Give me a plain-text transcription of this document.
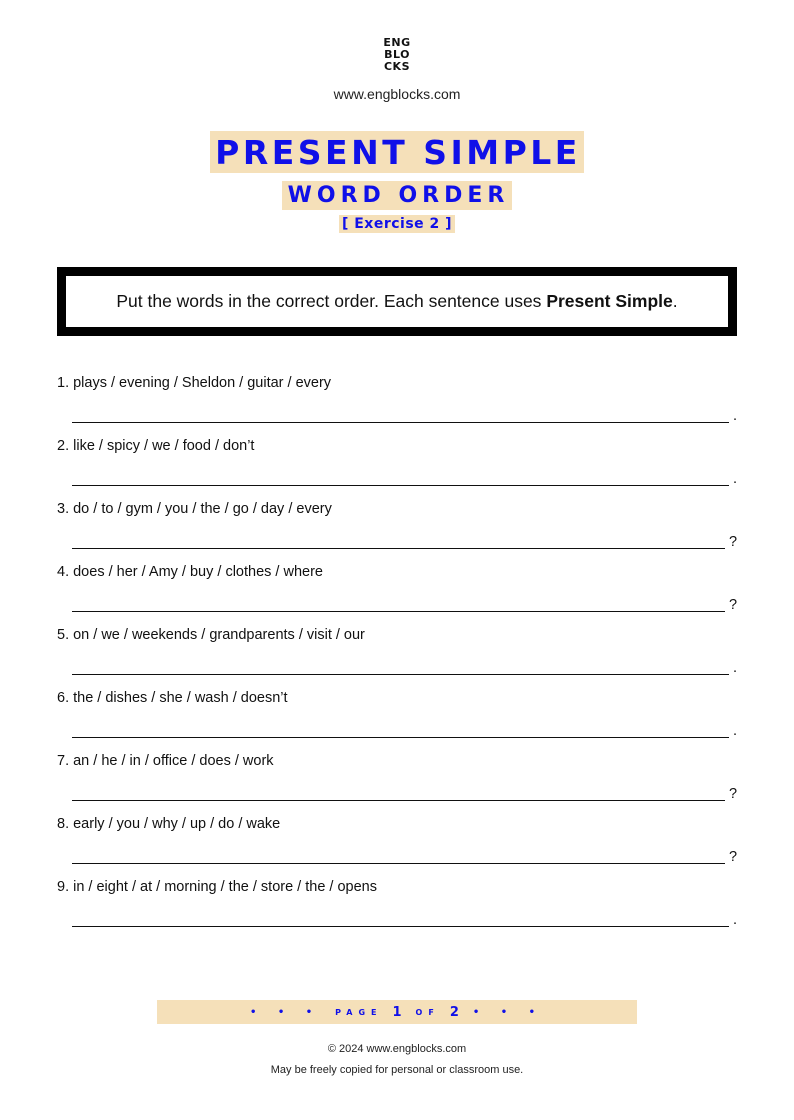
ENG
BLO
CKS
www.engblocks.com
PRESENT SIMPLE
WORD ORDER
[ Exercise 2 ]
Put the words in the correct order. Each sentence uses Present Simple .
1. plays / evening / Sheldon / guitar / every
.
2. like / spicy / we / food / don’t
.
3. do / to / gym / you / the / go / day / every
?
4. does / her / Amy / buy / clothes / where
?
5. on / we / weekends / grandparents / visit / our
.
6. the / dishes / she / wash / doesn’t
.
7. an / he / in / office / does / work
?
8. early / you / why / up / do / wake
?
9. in / eight / at / morning / the / store / the / opens
.
• • • PAGE 1 OF 2 • • •
© 2024 www.engblocks.com
May be freely copied for personal or classroom use.
